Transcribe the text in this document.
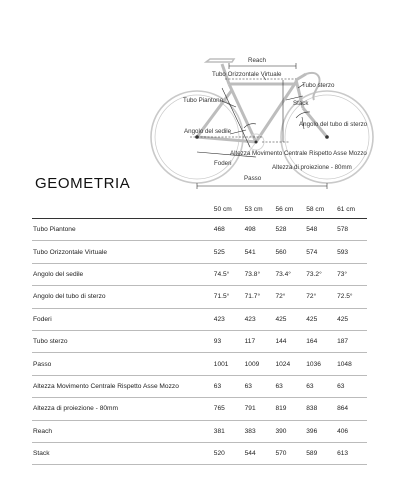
Reach
Tubo Orizzontale Virtuale
Tubo sterzo
Tubo Piantone	Stack
Angolo del sedile
Angolo del tubo di sterzo
Foderi
Altezza Movimento Centrale Rispetto Asse Mozzo
Altezza di proiezione - 80mm
Passo
GEOMETRIA
	50 cm	53 cm	56 cm	58 cm	61 cm
Tubo Piantone	468	498	528	548	578
Tubo Orizzontale Virtuale	525	541	560	574	593
Angolo del sedile	74.5°	73.8°	73.4°	73.2°	73°
Angolo del tubo di sterzo	71.5°	71.7°	72°	72°	72.5°
Foderi	423	423	425	425	425
Tubo sterzo	93	117	144	164	187
Passo	1001	1009	1024	1036	1048
Altezza Movimento Centrale Rispetto Asse Mozzo	63	63	63	63	63
Altezza di proiezione - 80mm	765	791	819	838	864
Reach	381	383	390	396	406
Stack	520	544	570	589	613
